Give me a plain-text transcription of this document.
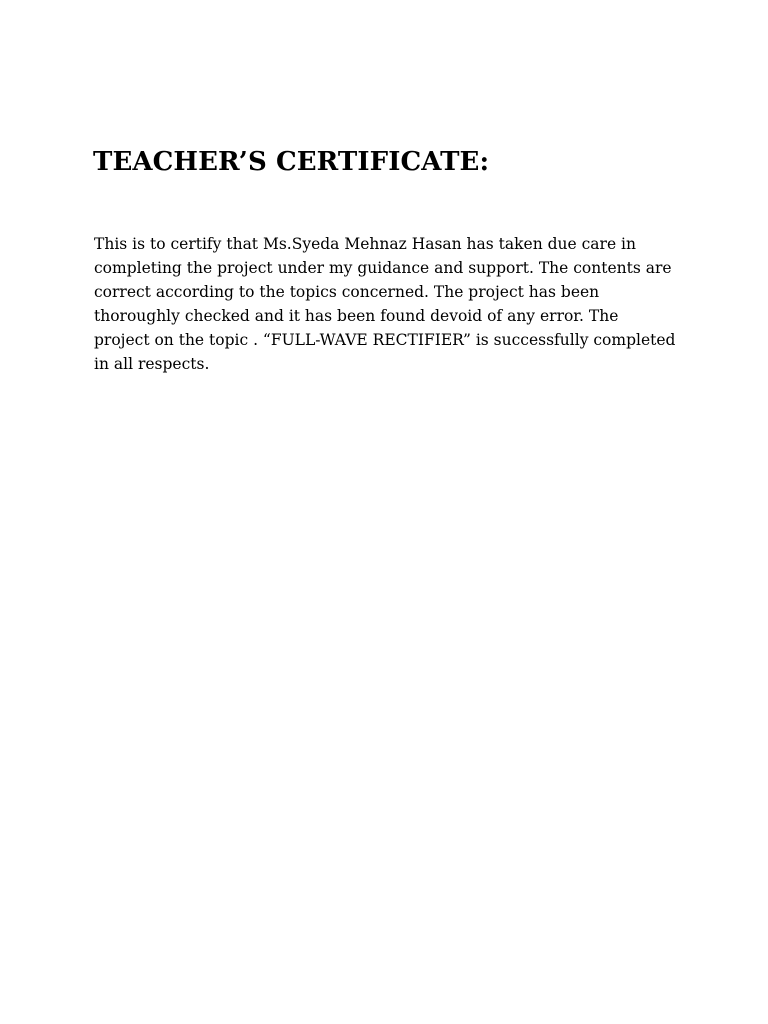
TEACHER’S CERTIFICATE:

This is to certify that Ms.Syeda Mehnaz Hasan has taken due care in
completing the project under my guidance and support. The contents are
correct according to the topics concerned. The project has been
thoroughly checked and it has been found devoid of any error. The
project on the topic . “FULL-WAVE RECTIFIER” is successfully completed
in all respects.
